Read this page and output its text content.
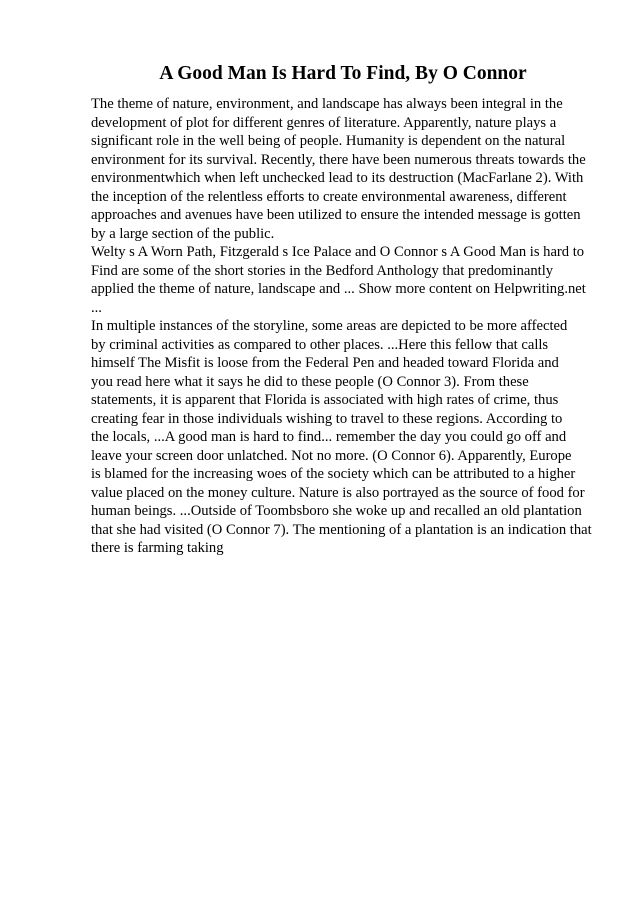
A Good Man Is Hard To Find, By O Connor
The theme of nature, environment, and landscape has always been integral in the
development of plot for different genres of literature. Apparently, nature plays a
significant role in the well being of people. Humanity is dependent on the natural
environment for its survival. Recently, there have been numerous threats towards the
environmentwhich when left unchecked lead to its destruction (MacFarlane 2). With
the inception of the relentless efforts to create environmental awareness, different
approaches and avenues have been utilized to ensure the intended message is gotten
by a large section of the public.
Welty s A Worn Path, Fitzgerald s Ice Palace and O Connor s A Good Man is hard to
Find are some of the short stories in the Bedford Anthology that predominantly
applied the theme of nature, landscape and ... Show more content on Helpwriting.net
...
In multiple instances of the storyline, some areas are depicted to be more affected
by criminal activities as compared to other places. ...Here this fellow that calls
himself The Misfit is loose from the Federal Pen and headed toward Florida and
you read here what it says he did to these people (O Connor 3). From these
statements, it is apparent that Florida is associated with high rates of crime, thus
creating fear in those individuals wishing to travel to these regions. According to
the locals, ...A good man is hard to find... remember the day you could go off and
leave your screen door unlatched. Not no more. (O Connor 6). Apparently, Europe
is blamed for the increasing woes of the society which can be attributed to a higher
value placed on the money culture. Nature is also portrayed as the source of food for
human beings. ...Outside of Toombsboro she woke up and recalled an old plantation
that she had visited (O Connor 7). The mentioning of a plantation is an indication that
there is farming taking
